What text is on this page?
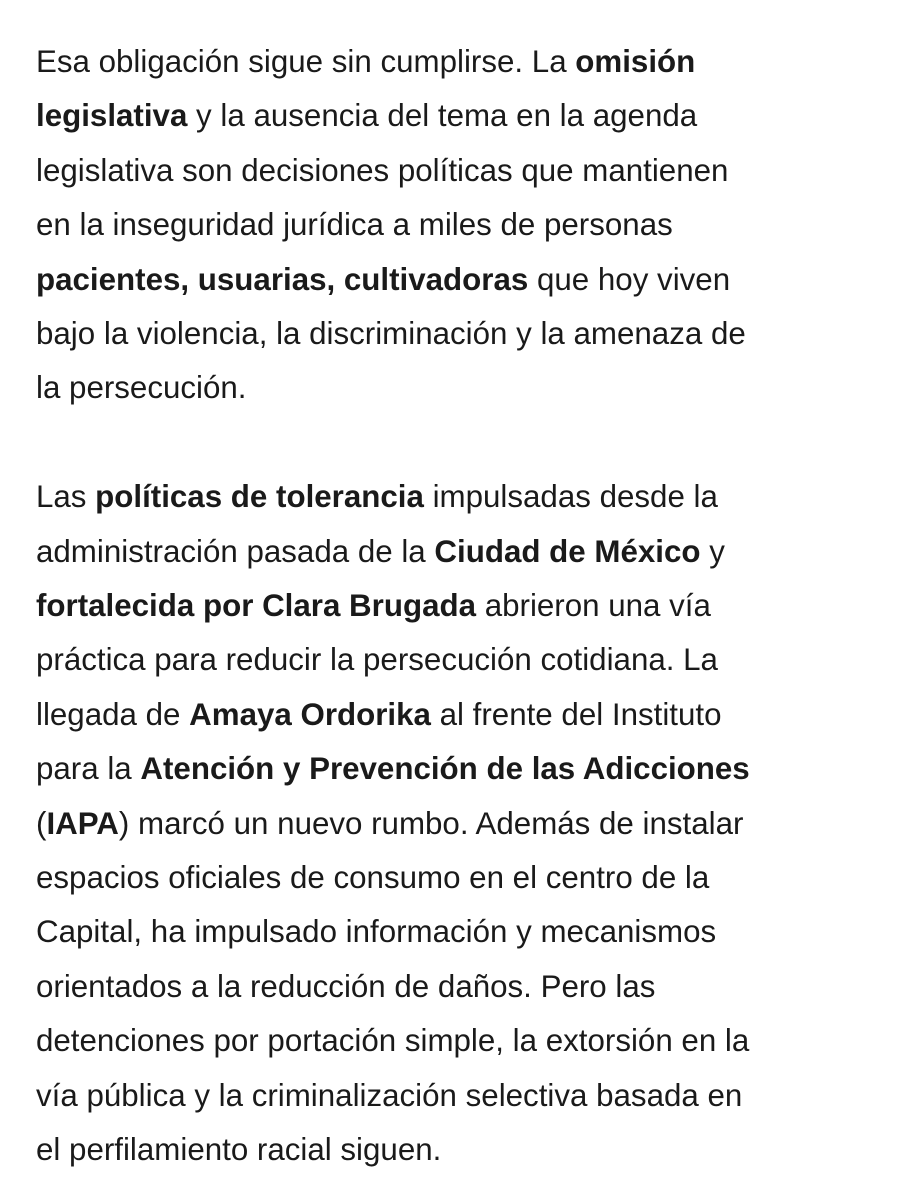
Esa obligación sigue sin cumplirse. La omisión
legislativa y la ausencia del tema en la agenda
legislativa son decisiones políticas que mantienen
en la inseguridad jurídica a miles de personas
pacientes, usuarias, cultivadoras que hoy viven
bajo la violencia, la discriminación y la amenaza de
la persecución.

Las políticas de tolerancia impulsadas desde la
administración pasada de la Ciudad de México y
fortalecida por Clara Brugada abrieron una vía
práctica para reducir la persecución cotidiana. La
llegada de Amaya Ordorika al frente del Instituto
para la Atención y Prevención de las Adicciones
(IAPA) marcó un nuevo rumbo. Además de instalar
espacios oficiales de consumo en el centro de la
Capital, ha impulsado información y mecanismos
orientados a la reducción de daños. Pero las
detenciones por portación simple, la extorsión en la
vía pública y la criminalización selectiva basada en
el perfilamiento racial siguen.
